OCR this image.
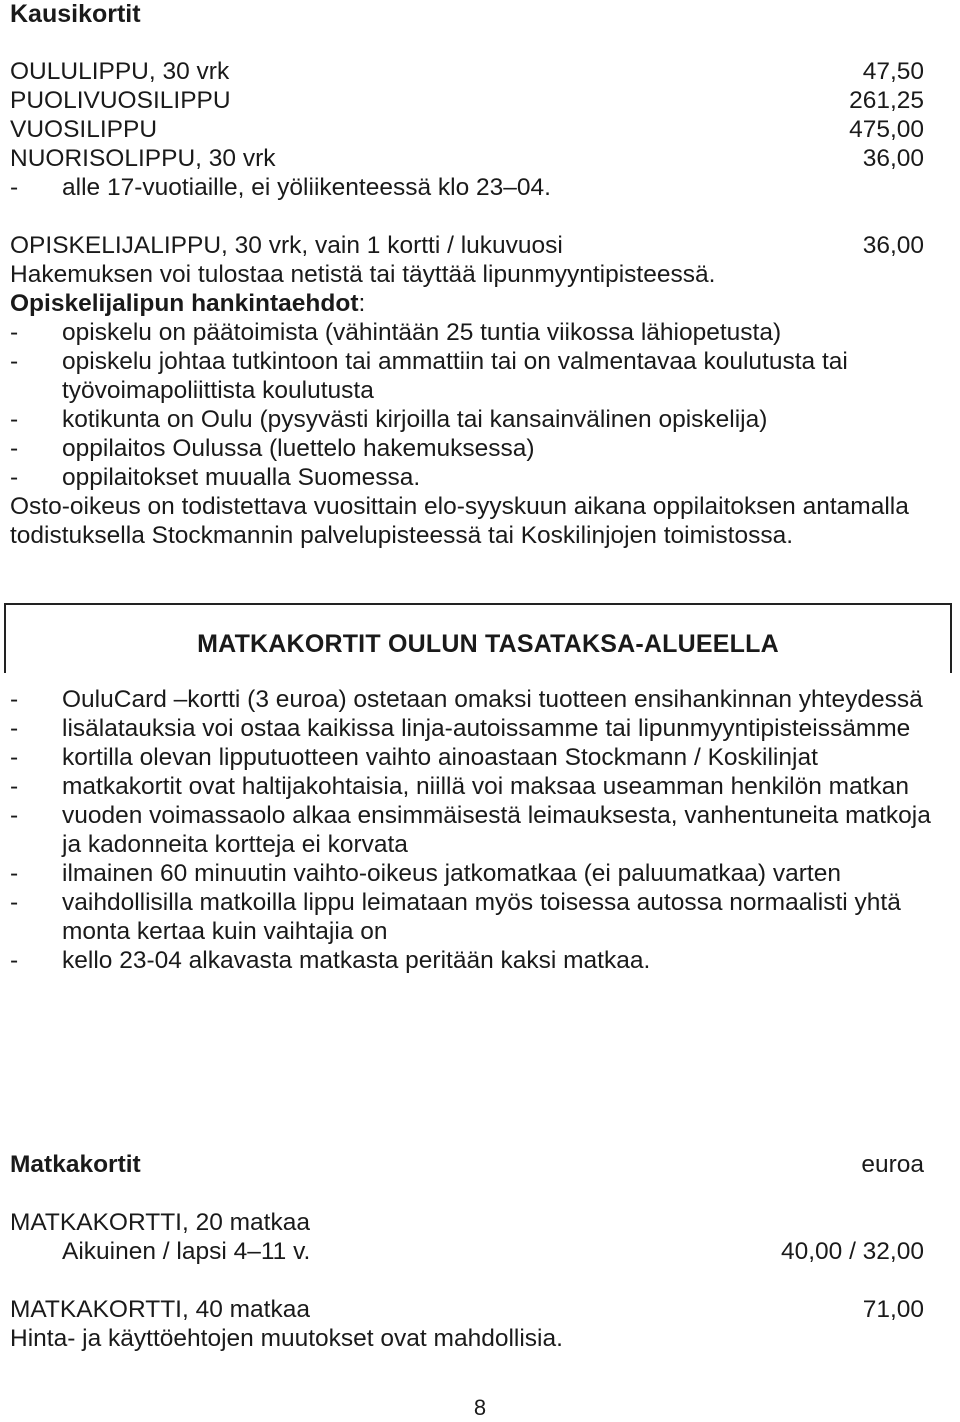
Kausikortit

OULULIPPU, 30 vrk	47,50
PUOLIVUOSILIPPU	261,25
VUOSILIPPU	475,00
NUORISOLIPPU, 30 vrk	36,00
-	alle 17-vuotiaille, ei yöliikenteessä klo 23–04.
OPISKELIJALIPPU, 30 vrk, vain 1 kortti / lukuvuosi	36,00

Hakemuksen voi tulostaa netistä tai täyttää lipunmyyntipisteessä.

Opiskelijalipun hankintaehdot:

-	opiskelu on päätoimista (vähintään 25 tuntia viikossa lähiopetusta)
-	opiskelu johtaa tutkintoon tai ammattiin tai on valmentavaa koulutusta tai työvoimapoliittista koulutusta
-	kotikunta on Oulu (pysyvästi kirjoilla tai kansainvälinen opiskelija)
-	oppilaitos Oulussa (luettelo hakemuksessa)
-	oppilaitokset muualla Suomessa.

Osto-oikeus on todistettava vuosittain elo-syyskuun aikana oppilaitoksen antamalla todistuksella Stockmannin palvelupisteessä tai Koskilinjojen toimistossa.

MATKAKORTIT OULUN TASATAKSA-ALUEELLA
-	OuluCard –kortti (3 euroa) ostetaan omaksi tuotteen ensihankinnan yhteydessä
-	lisälatauksia voi ostaa kaikissa linja-autoissamme tai lipunmyyntipisteissämme
-	kortilla olevan lipputuotteen vaihto ainoastaan Stockmann / Koskilinjat
-	matkakortit ovat haltijakohtaisia, niillä voi maksaa useamman henkilön matkan
-	vuoden voimassaolo alkaa ensimmäisestä leimauksesta, vanhentuneita matkoja ja kadonneita kortteja ei korvata
-	ilmainen 60 minuutin vaihto-oikeus jatkomatkaa (ei paluumatkaa) varten
-	vaihdollisilla matkoilla lippu leimataan myös toisessa autossa normaalisti yhtä monta kertaa kuin vaihtajia on
-	kello 23-04 alkavasta matkasta peritään kaksi matkaa.
Matkakortit	euroa

MATKAKORTTI, 20 matkaa

Aikuinen / lapsi 4–11 v.	40,00 / 32,00
MATKAKORTTI, 40 matkaa	71,00

Hinta- ja käyttöehtojen muutokset ovat mahdollisia.

8
